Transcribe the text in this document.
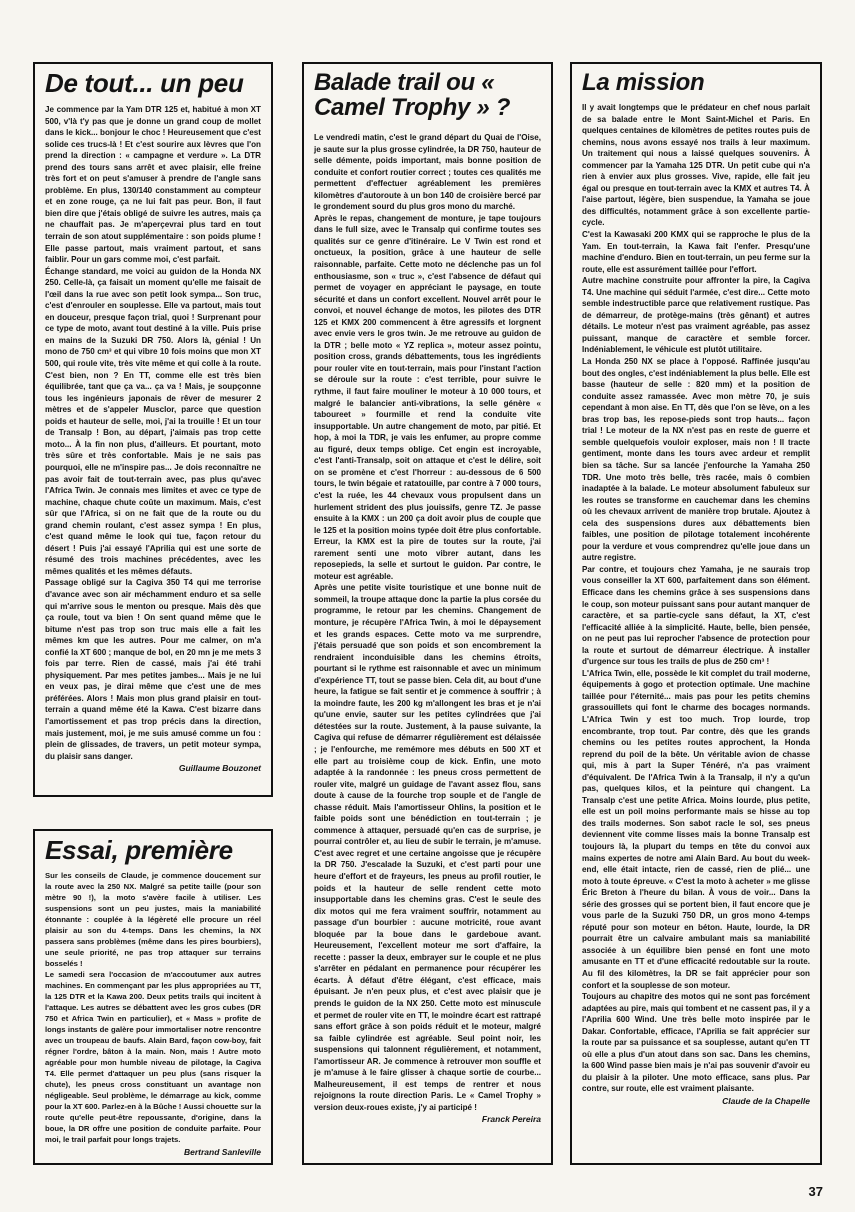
De tout... un peu

Je commence par la Yam DTR 125 et, habitué à mon XT 500, v'là t'y pas que je donne un grand coup de mollet dans le kick... bonjour le choc ! Heureusement que c'est solide ces trucs-là ! Et c'est sourire aux lèvres que l'on prend la direction : « campagne et verdure ». La DTR prend des tours sans arrêt et avec plaisir, elle freine très fort et on peut s'amuser à prendre de l'angle sans problème. En plus, 130/140 constamment au compteur et en zone rouge, ça ne lui fait pas peur. Bon, il faut bien dire que j'étais obligé de suivre les autres, mais ça ne chauffait pas. Je m'aperçevrai plus tard en tout terrain de son atout supplémentaire : son poids plume ! Elle passe partout, mais vraiment partout, et sans faiblir. Pour un gars comme moi, c'est parfait.

Échange standard, me voici au guidon de la Honda NX 250. Celle-là, ça faisait un moment qu'elle me faisait de l'œil dans la rue avec son petit look sympa... Son truc, c'est d'enrouler en souplesse. Elle va partout, mais tout en douceur, presque façon trial, quoi ! Surprenant pour ce type de moto, avant tout destiné à la ville. Puis prise en mains de la Suzuki DR 750. Alors là, génial ! Un mono de 750 cm³ et qui vibre 10 fois moins que mon XT 500, qui roule vite, très vite même et qui colle à la route. C'est bien, non ? En TT, comme elle est très bien équilibrée, tant que ça va... ça va ! Mais, je soupçonne tous les ingénieurs japonais de rêver de mesurer 2 mètres et de s'appeler Musclor, parce que question poids et hauteur de selle, moi, j'ai la trouille ! Et un tour de Transalp ! Bon, au départ, j'aimais pas trop cette moto... À la fin non plus, d'ailleurs. Et pourtant, moto très sûre et très confortable. Mais je ne sais pas pourquoi, elle ne m'inspire pas... Je dois reconnaître ne pas avoir fait de tout-terrain avec, pas plus qu'avec l'Africa Twin. Je connais mes limites et avec ce type de machine, chaque chute coûte un maximum. Mais, c'est sûr que l'Africa, si on ne fait que de la route ou du grand chemin roulant, c'est assez sympa ! En plus, c'est quand même le look qui tue, façon retour du désert ! Puis j'ai essayé l'Aprilia qui est une sorte de résumé des trois machines précédentes, avec les mêmes qualités et les mêmes défauts.

Passage obligé sur la Cagiva 350 T4 qui me terrorise d'avance avec son air méchamment enduro et sa selle qui m'arrive sous le menton ou presque. Mais dès que ça roule, tout va bien ! On sent quand même que le bitume n'est pas trop son truc mais elle a fait les mêmes km que les autres. Pour me calmer, on m'a confié la XT 600 ; manque de bol, en 20 mn je me mets 3 fois par terre. Rien de cassé, mais j'ai été trahi physiquement. Par mes petites jambes... Mais je ne lui en veux pas, je dirai même que c'est une de mes préférées. Alors ! Mais mon plus grand plaisir en tout-terrain a quand même été la Kawa. C'est bizarre dans l'amortissement et pas trop précis dans la direction, mais justement, moi, je me suis amusé comme un fou : plein de glissades, de travers, un petit moteur sympa, du plaisir sans danger.

Guillaume Bouzonet
Essai, première

Sur les conseils de Claude, je commence doucement sur la route avec la 250 NX. Malgré sa petite taille (pour son mètre 90 !), la moto s'avère facile à utiliser. Les suspensions sont un peu justes, mais la maniabilité étonnante : couplée à la légèreté elle procure un réel plaisir au son du 4-temps. Dans les chemins, la NX passera sans problèmes (même dans les pires bourbiers), une seule priorité, ne pas trop attaquer sur terrains bosselés !

Le samedi sera l'occasion de m'accoutumer aux autres machines. En commençant par les plus appropriées au TT, la 125 DTR et la Kawa 200. Deux petits trails qui incitent à l'attaque. Les autres se débattent avec les gros cubes (DR 750 et Africa Twin en particulier), et « Mass » profite de longs instants de galère pour immortaliser notre rencontre avec un troupeau de baufs. Alain Bard, façon cow-boy, fait régner l'ordre, bâton à la main. Non, mais ! Autre moto agréable pour mon humble niveau de pilotage, la Cagiva T4. Elle permet d'attaquer un peu plus (sans risquer la chute), les pneus cross constituant un avantage non négligeable. Seul problème, le démarrage au kick, comme pour la XT 600. Parlez-en à la Bûche ! Aussi chouette sur la route qu'elle peut-être repoussante, d'origine, dans la boue, la DR offre une position de conduite parfaite. Pour moi, le trail parfait pour longs trajets.

Bertrand Sanleville
Balade trail ou « Camel Trophy » ?

Le vendredi matin, c'est le grand départ du Quai de l'Oise, je saute sur la plus grosse cylindrée, la DR 750, hauteur de selle démente, poids important, mais bonne position de conduite et confort routier correct ; toutes ces qualités me permettent d'effectuer agréablement les premières kilomètres d'autoroute à un bon 140 de croisière bercé par le grondement sourd du plus gros mono du marché.

Après le repas, changement de monture, je tape toujours dans le full size, avec le Transalp qui confirme toutes ses qualités sur ce genre d'itinéraire. Le V Twin est rond et onctueux, la position, grâce à une hauteur de selle raisonnable, parfaite. Cette moto ne déclenche pas un fol enthousiasme, son « truc », c'est l'absence de défaut qui permet de voyager en appréciant le paysage, en toute sécurité et dans un confort excellent. Nouvel arrêt pour le convoi, et nouvel échange de motos, les pilotes des DTR 125 et KMX 200 commencent à être agressifs et lorgnent avec envie vers le gros twin. Je me retrouve au guidon de la DTR ; belle moto « YZ replica », moteur assez pointu, position cross, grands débattements, tous les ingrédients pour rouler vite en tout-terrain, mais pour l'instant l'action se déroule sur la route : c'est terrible, pour suivre le rythme, il faut faire mouliner le moteur à 10 000 tours, et malgré le balancier anti-vibrations, la selle génère « taboureet » fourmille et rend la conduite vite insupportable. Un autre changement de moto, par pitié. Et hop, à moi la TDR, je vais les enfumer, au propre comme au figuré, deux temps oblige. Cet engin est incroyable, c'est l'anti-Transalp, soit on attaque et c'est le délire, soit on se promène et c'est l'horreur : au-dessous de 6 500 tours, le twin bégaie et ratatouille, par contre à 7 000 tours, c'est la ruée, les 44 chevaux vous propulsent dans un hurlement strident des plus jouissifs, genre TZ. Je passe ensuite à la KMX : un 200 ça doit avoir plus de couple que le 125 et la position moins typée doit être plus confortable. Erreur, la KMX est la pire de toutes sur la route, j'ai rarement senti une moto vibrer autant, dans les reposepieds, la selle et surtout le guidon. Par contre, le moteur est agréable.

Après une petite visite touristique et une bonne nuit de sommeil, la troupe attaque donc la partie la plus corsée du programme, le retour par les chemins. Changement de monture, je récupère l'Africa Twin, à moi le dépaysement et les grands espaces. Cette moto va me surprendre, j'étais persuadé que son poids et son encombrement la rendraient inconduisible dans les chemins étroits, pourtant si le rythme est raisonnable et avec un minimum d'expérience TT, tout se passe bien. Cela dit, au bout d'une heure, la fatigue se fait sentir et je commence à souffrir ; à la moindre faute, les 200 kg m'allongent les bras et je n'ai qu'une envie, sauter sur les petites cylindrées que j'ai détestées sur la route. Justement, à la pause suivante, la Cagiva qui refuse de démarrer régulièrement est délaissée ; je l'enfourche, me remémore mes débuts en 500 XT et elle part au troisième coup de kick. Enfin, une moto adaptée à la randonnée : les pneus cross permettent de rouler vite, malgré un guidage de l'avant assez flou, sans doute à cause de la fourche trop souple et de l'angle de chasse réduit. Mais l'amortisseur Ohlins, la position et le faible poids sont une bénédiction en tout-terrain ; je commence à attaquer, persuadé qu'en cas de surprise, je pourrai contrôler et, au lieu de subir le terrain, je m'amuse. C'est avec regret et une certaine angoisse que je récupère la DR 750. J'escalade la Suzuki, et c'est parti pour une heure d'effort et de frayeurs, les pneus au profil routier, le poids et la hauteur de selle rendent cette moto insupportable dans les chemins gras. C'est le seule des dix motos qui me fera vraiment souffrir, notamment au passage d'un bourbier : aucune motricité, roue avant bloquée par la boue dans le gardeboue avant. Heureusement, l'excellent moteur me sort d'affaire, la recette : passer la deux, embrayer sur le couple et ne plus s'arrêter en pédalant en permanence pour récupérer les écarts. À défaut d'être élégant, c'est efficace, mais épuisant. Je n'en peux plus, et c'est avec plaisir que je prends le guidon de la NX 250. Cette moto est minuscule et permet de rouler vite en TT, le moindre écart est rattrapé sans effort grâce à son poids réduit et le moteur, malgré sa faible cylindrée est agréable. Seul point noir, les suspensions qui talonnent régulièrement, et notamment, l'amortisseur AR. Je commence à retrouver mon souffle et je m'amuse à le faire glisser à chaque sortie de courbe... Malheureusement, il est temps de rentrer et nous rejoignons la route direction Paris. Le « Camel Trophy » version deux-roues existe, j'y ai participé !

Franck Pereira
La mission

Il y avait longtemps que le prédateur en chef nous parlait de sa balade entre le Mont Saint-Michel et Paris. En quelques centaines de kilomètres de petites routes puis de chemins, nous avons essayé nos trails à leur maximum. Un traitement qui nous a laissé quelques souvenirs. À commencer par la Yamaha 125 DTR. Un petit cube qui n'a rien à envier aux plus grosses. Vive, rapide, elle fait jeu égal ou presque en tout-terrain avec la KMX et autres T4. À l'aise partout, légère, bien suspendue, la Yamaha se joue des difficultés, notamment grâce à son excellente partie-cycle.

C'est la Kawasaki 200 KMX qui se rapproche le plus de la Yam. En tout-terrain, la Kawa fait l'enfer. Presqu'une machine d'enduro. Bien en tout-terrain, un peu ferme sur la route, elle est assurément taillée pour l'effort.

Autre machine construite pour affronter la pire, la Cagiva T4. Une machine qui séduit l'armée, c'est dire... Cette moto semble indestructible parce que relativement rustique. Pas de démarreur, de protège-mains (très gênant) et autres détails. Le moteur n'est pas vraiment agréable, pas assez puissant, manque de caractère et semble forcer. Indéniablement, le véhicule est plutôt utilitaire.

La Honda 250 NX se place à l'opposé. Raffinée jusqu'au bout des ongles, c'est indéniablement la plus belle. Elle est basse (hauteur de selle : 820 mm) et la position de conduite assez ramassée. Avec mon mètre 70, je suis cependant à mon aise. En TT, dès que l'on se lève, on a les bras trop bas, les repose-pieds sont trop hauts... façon trial ! Le moteur de la NX n'est pas en reste de guerre et semble quelquefois vouloir exploser, mais non ! Il tracte gentiment, monte dans les tours avec ardeur et remplit bien sa tâche. Sur sa lancée j'enfourche la Yamaha 250 TDR. Une moto très belle, très racée, mais ô combien inadaptée à la balade. Le moteur absolument fabuleux sur les routes se transforme en cauchemar dans les chemins où les chevaux arrivent de manière trop brutale. Ajoutez à cela des suspensions dures aux débattements bien faibles, une position de pilotage totalement incohérente pour la verdure et vous comprendrez qu'elle joue dans un autre registre.

Par contre, et toujours chez Yamaha, je ne saurais trop vous conseiller la XT 600, parfaitement dans son élément. Efficace dans les chemins grâce à ses suspensions dans le coup, son moteur puissant sans pour autant manquer de caractère, et sa partie-cycle sans défaut, la XT, c'est l'efficacité alliée à la simplicité. Haute, belle, bien pensée, on ne peut pas lui reprocher l'absence de protection pour la route et surtout de démarreur électrique. À installer d'urgence sur tous les trails de plus de 250 cm³ !

L'Africa Twin, elle, possède le kit complet du trail moderne, équipements à gogo et protection optimale. Une machine taillée pour l'éternité... mais pas pour les petits chemins grassouillets qui font le charme des bocages normands. L'Africa Twin y est too much. Trop lourde, trop encombrante, trop tout. Par contre, dès que les grands chemins ou les petites routes approchent, la Honda reprend du poil de la bête. Un véritable avion de chasse qui, mis à part la Super Ténéré, n'a pas vraiment d'équivalent. De l'Africa Twin à la Transalp, il n'y a qu'un pas, quelques kilos, et la peinture qui changent. La Transalp c'est une petite Africa. Moins lourde, plus petite, elle est un poil moins performante mais se hisse au top des trails modernes. Son sabot racle le sol, ses pneus deviennent vite comme lisses mais la bonne Transalp est toujours là, la plupart du temps en tête du convoi aux mains expertes de notre ami Alain Bard. Au bout du week-end, elle était intacte, rien de cassé, rien de plié... une moto à toute épreuve. « C'est la moto à acheter » me glisse Éric Breton à l'heure du bilan. À vous de voir... Dans la série des grosses qui se portent bien, il faut encore que je vous parle de la Suzuki 750 DR, un gros mono 4-temps réputé pour son moteur en béton. Haute, lourde, la DR pourrait être un calvaire ambulant mais sa maniabilité associée à un équilibre bien pensé en font une moto amusante en TT et d'une efficacité redoutable sur la route. Au fil des kilomètres, la DR se fait apprécier pour son confort et la souplesse de son moteur.

Toujours au chapitre des motos qui ne sont pas forcément adaptées au pire, mais qui tombent et ne cassent pas, il y a l'Aprilia 600 Wind. Une très belle moto inspirée par le Dakar. Confortable, efficace, l'Aprilia se fait apprécier sur la route par sa puissance et sa souplesse, autant qu'en TT où elle a plus d'un atout dans son sac. Dans les chemins, la 600 Wind passe bien mais je n'ai pas souvenir d'avoir eu du plaisir à la piloter. Une moto efficace, sans plus. Par contre, sur route, elle est vraiment plaisante.

Claude de la Chapelle
37
